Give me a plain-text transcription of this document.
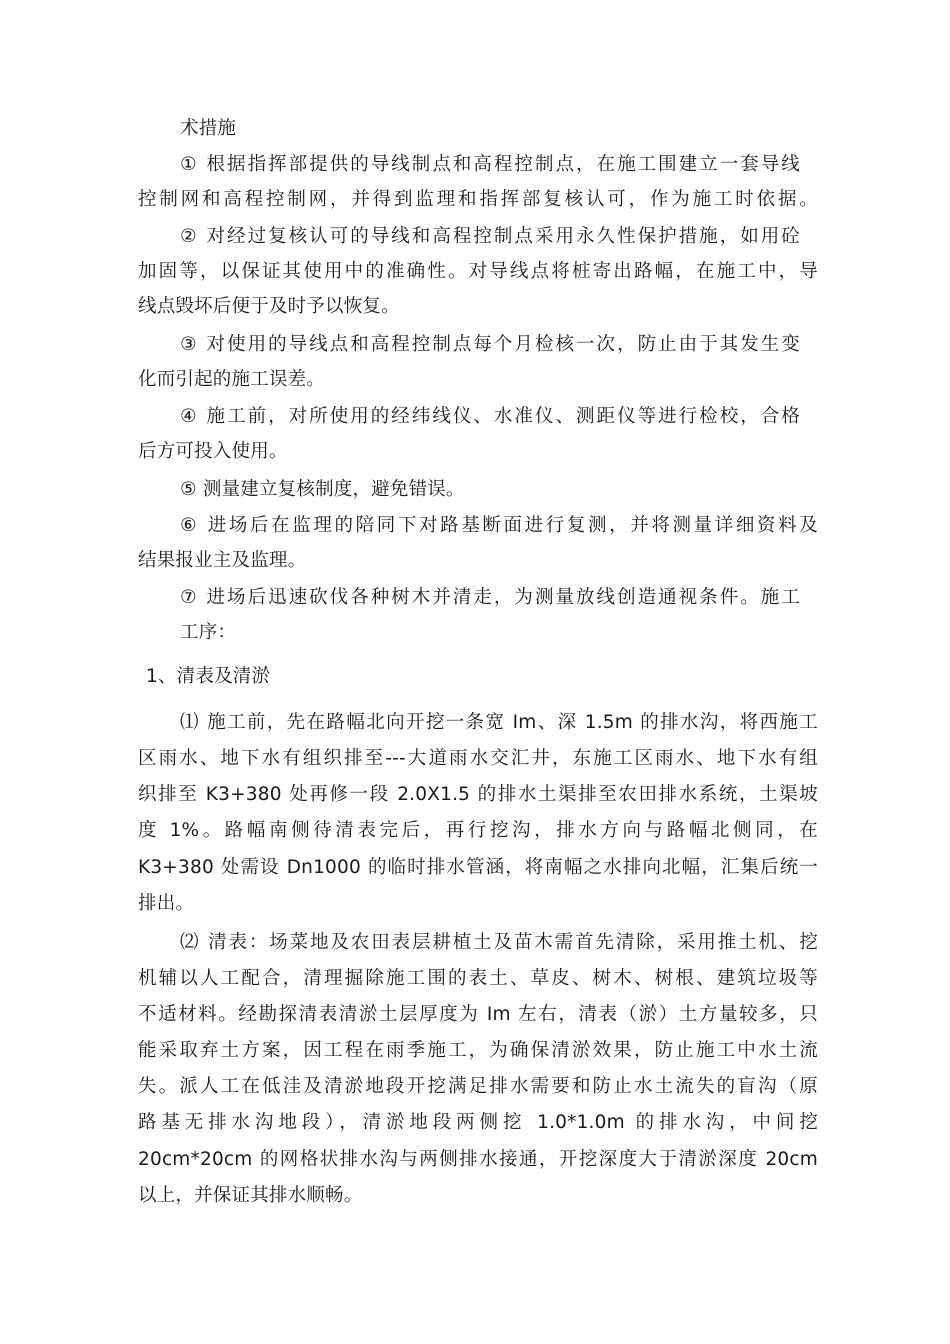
术措施
① 根据指挥部提供的导线制点和高程控制点，在施工围建立一套导线
控制网和高程控制网，并得到监理和指挥部复核认可，作为施工时依据。
② 对经过复核认可的导线和高程控制点采用永久性保护措施，如用砼
加固等，以保证其使用中的准确性。对导线点将桩寄出路幅，在施工中，导
线点毁坏后便于及时予以恢复。
③ 对使用的导线点和高程控制点每个月检核一次，防止由于其发生变
化而引起的施工误差。
④ 施工前，对所使用的经纬线仪、水准仪、测距仪等进行检校，合格
后方可投入使用。
⑤ 测量建立复核制度，避免错误。
⑥ 进场后在监理的陪同下对路基断面进行复测，并将测量详细资料及
结果报业主及监理。
⑦ 进场后迅速砍伐各种树木并清走，为测量放线创造通视条件。施工
工序：
1、清表及清淤
⑴ 施工前，先在路幅北向开挖一条宽 Im、深 1.5m 的排水沟，将西施工
区雨水、地下水有组织排至---大道雨水交汇井，东施工区雨水、地下水有组
织排至 K3+380 处再修一段 2.0X1.5 的排水土渠排至农田排水系统，土渠坡
度 1%。路幅南侧待清表完后，再行挖沟，排水方向与路幅北侧同，在
K3+380 处需设 Dn1000 的临时排水管涵，将南幅之水排向北幅，汇集后统一
排出。
⑵ 清表：场菜地及农田表层耕植土及苗木需首先清除，采用推土机、挖
机辅以人工配合，清理掘除施工围的表土、草皮、树木、树根、建筑垃圾等
不适材料。经勘探清表清淤土层厚度为 Im 左右，清表（淤）土方量较多，只
能采取弃土方案，因工程在雨季施工，为确保清淤效果，防止施工中水土流
失。派人工在低洼及清淤地段开挖满足排水需要和防止水土流失的盲沟（原
路基无排水沟地段），清淤地段两侧挖 1.0*1.0m 的排水沟，中间挖
20cm*20cm 的网格状排水沟与两侧排水接通，开挖深度大于清淤深度 20cm
以上，并保证其排水顺畅。
